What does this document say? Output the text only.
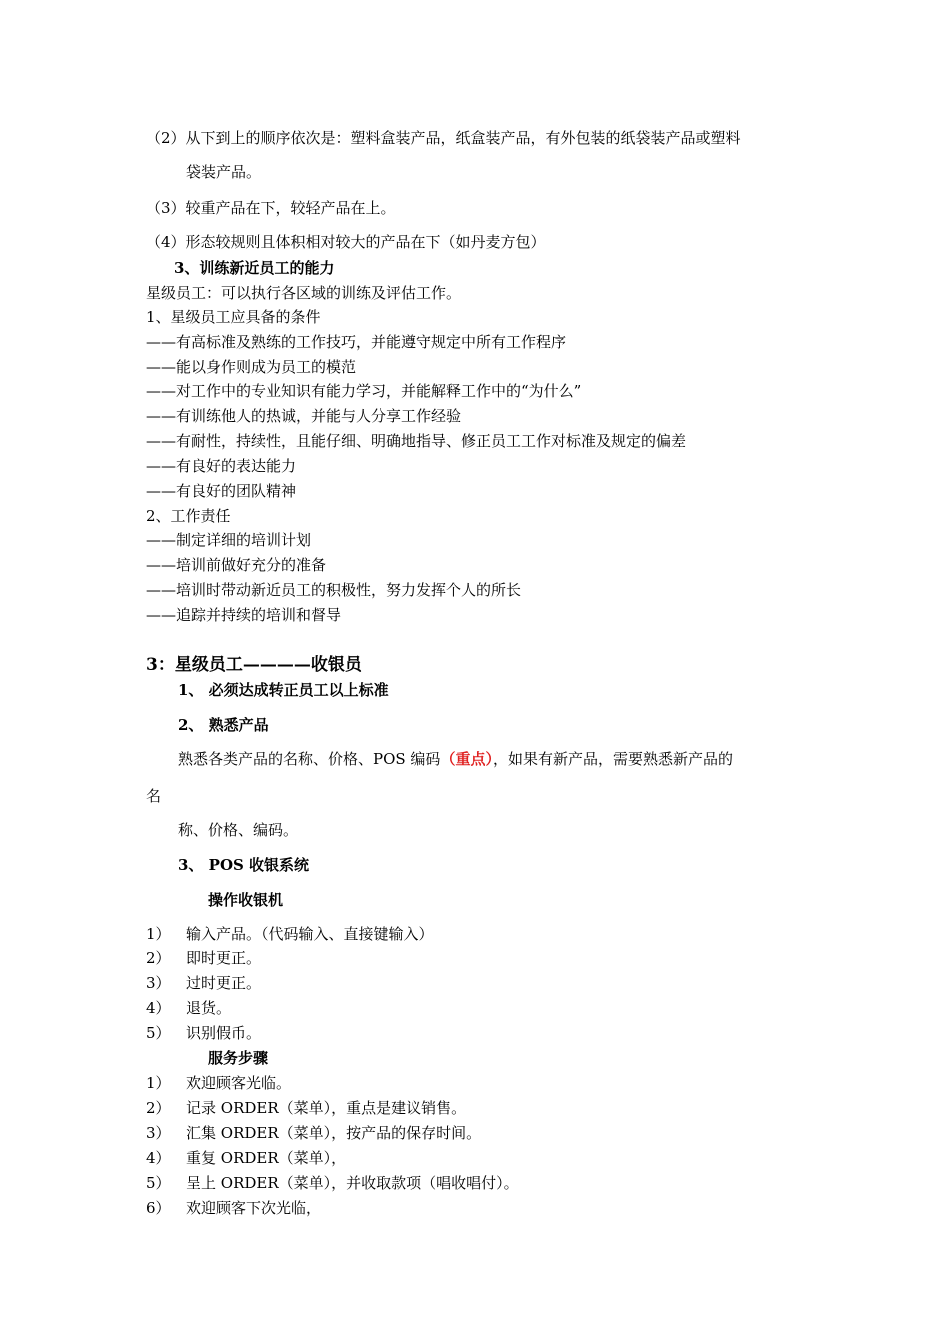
（2）从下到上的顺序依次是：塑料盒装产品，纸盒装产品，有外包装的纸袋装产品或塑料
袋装产品。
（3）较重产品在下，较轻产品在上。
（4）形态较规则且体积相对较大的产品在下（如丹麦方包）
3、训练新近员工的能力
星级员工：可以执行各区域的训练及评估工作。
1、星级员工应具备的条件
——有高标准及熟练的工作技巧，并能遵守规定中所有工作程序
——能以身作则成为员工的模范
——对工作中的专业知识有能力学习，并能解释工作中的“为什么”
——有训练他人的热诚，并能与人分享工作经验
——有耐性，持续性，且能仔细、明确地指导、修正员工工作对标准及规定的偏差
——有良好的表达能力
——有良好的团队精神
2、工作责任
——制定详细的培训计划
——培训前做好充分的准备
——培训时带动新近员工的积极性，努力发挥个人的所长
——追踪并持续的培训和督导
3：星级员工————收银员
1、 必须达成转正员工以上标准
2、 熟悉产品
熟悉各类产品的名称、价格、POS 编码（重点），如果有新产品，需要熟悉新产品的
名
称、价格、编码。
3、 POS 收银系统
操作收银机
1） 输入产品。（代码输入、直接键输入）
2） 即时更正。
3） 过时更正。
4） 退货。
5） 识别假币。
服务步骤
1） 欢迎顾客光临。
2） 记录 ORDER（菜单），重点是建议销售。
3） 汇集 ORDER（菜单），按产品的保存时间。
4） 重复 ORDER（菜单），
5） 呈上 ORDER（菜单），并收取款项（唱收唱付）。
6） 欢迎顾客下次光临，
